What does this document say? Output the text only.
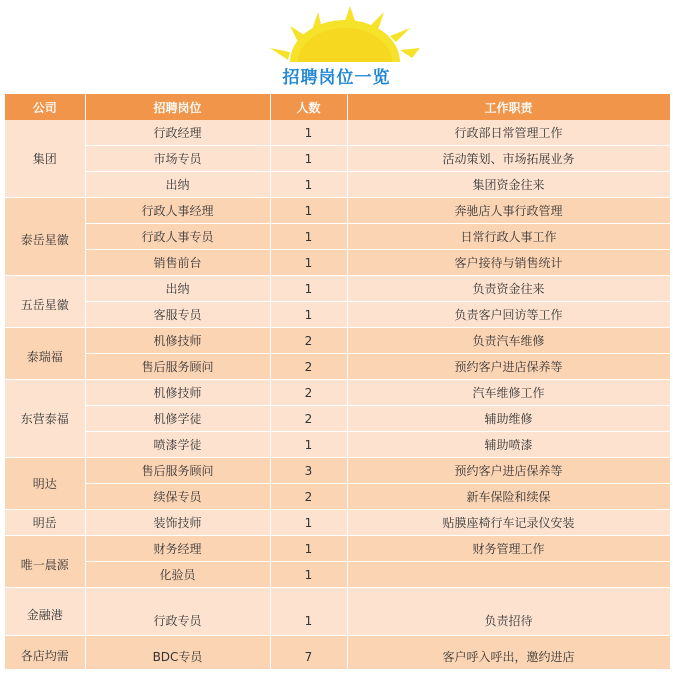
招聘岗位一览
公司	招聘岗位	人数	工作职责
集团	行政经理	1	行政部日常管理工作
	市场专员	1	活动策划、市场拓展业务
	出纳	1	集团资金往来
泰岳星徽	行政人事经理	1	奔驰店人事行政管理
	行政人事专员	1	日常行政人事工作
	销售前台	1	客户接待与销售统计
五岳星徽	出纳	1	负责资金往来
	客服专员	1	负责客户回访等工作
泰瑞福	机修技师	2	负责汽车维修
	售后服务顾问	2	预约客户进店保养等
东营泰福	机修技师	2	汽车维修工作
	机修学徒	2	辅助维修
	喷漆学徒	1	辅助喷漆
明达	售后服务顾问	3	预约客户进店保养等
	续保专员	2	新车保险和续保
明岳	装饰技师	1	贴膜座椅行车记录仪安装
唯一晨源	财务经理	1	财务管理工作
	化验员	1	
金融港	行政专员	1	负责招待
各店均需	BDC专员	7	客户呼入呼出，邀约进店
